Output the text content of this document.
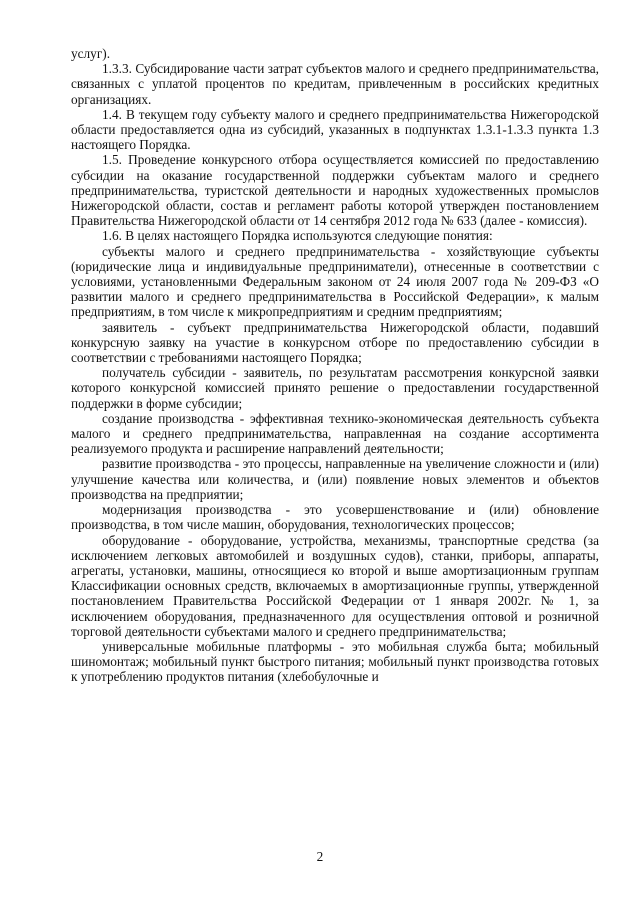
услуг).

1.3.3. Субсидирование части затрат субъектов малого и среднего предпринимательства, связанных с уплатой процентов по кредитам, привлеченным в российских кредитных организациях.

1.4. В текущем году субъекту малого и среднего предпринимательства Нижегородской области предоставляется одна из субсидий, указанных в подпунктах 1.3.1-1.3.3 пункта 1.3 настоящего Порядка.

1.5. Проведение конкурсного отбора осуществляется комиссией по предоставлению субсидии на оказание государственной поддержки субъектам малого и среднего предпринимательства, туристской деятельности и народных художественных промыслов Нижегородской области, состав и регламент работы которой утвержден постановлением Правительства Нижегородской области от 14 сентября 2012 года № 633 (далее - комиссия).

1.6. В целях настоящего Порядка используются следующие понятия:

субъекты малого и среднего предпринимательства - хозяйствующие субъекты (юридические лица и индивидуальные предприниматели), отнесенные в соответствии с условиями, установленными Федеральным законом от 24 июля 2007 года № 209-ФЗ «О развитии малого и среднего предпринимательства в Российской Федерации», к малым предприятиям, в том числе к микропредприятиям и средним предприятиям;

заявитель - субъект предпринимательства Нижегородской области, подавший конкурсную заявку на участие в конкурсном отборе по предоставлению субсидии в соответствии с требованиями настоящего Порядка;

получатель субсидии - заявитель, по результатам рассмотрения конкурсной заявки которого конкурсной комиссией принято решение о предоставлении государственной поддержки в форме субсидии;

создание производства - эффективная технико-экономическая деятельность субъекта малого и среднего предпринимательства, направленная на создание ассортимента реализуемого продукта и расширение направлений деятельности;

развитие производства - это процессы, направленные на увеличение сложности и (или) улучшение качества или количества, и (или) появление новых элементов и объектов производства на предприятии;

модернизация производства - это усовершенствование и (или) обновление производства, в том числе машин, оборудования, технологических процессов;

оборудование - оборудование, устройства, механизмы, транспортные средства (за исключением легковых автомобилей и воздушных судов), станки, приборы, аппараты, агрегаты, установки, машины, относящиеся ко второй и выше амортизационным группам Классификации основных средств, включаемых в амортизационные группы, утвержденной постановлением Правительства Российской Федерации от 1 января 2002г. № 1, за исключением оборудования, предназначенного для осуществления оптовой и розничной торговой деятельности субъектами малого и среднего предпринимательства;

универсальные мобильные платформы - это мобильная служба быта; мобильный шиномонтаж; мобильный пункт быстрого питания; мобильный пункт производства готовых к употреблению продуктов питания (хлебобулочные и

2
